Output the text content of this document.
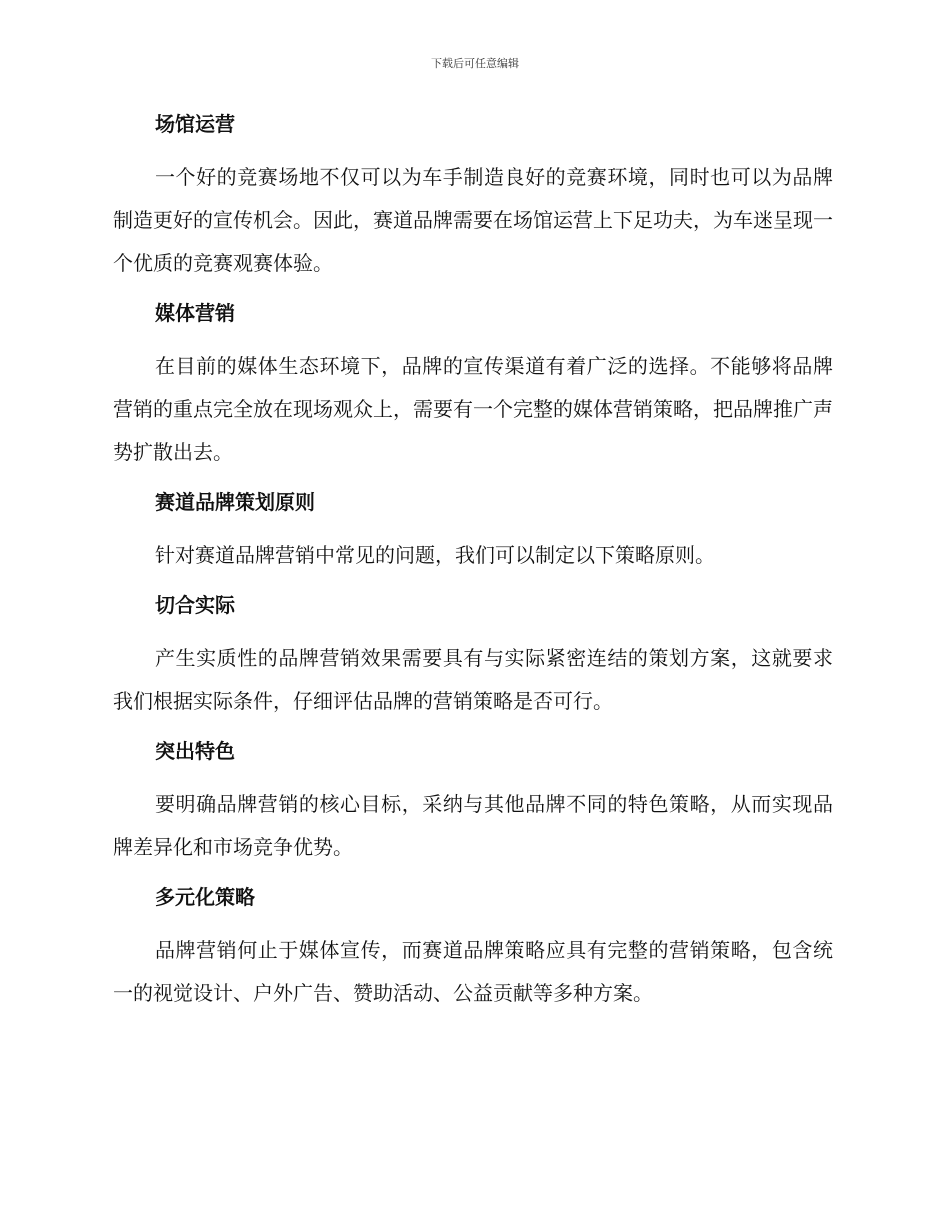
下载后可任意编辑
场馆运营

一个好的竞赛场地不仅可以为车手制造良好的竞赛环境，同时也可以为品牌制造更好的宣传机会。因此，赛道品牌需要在场馆运营上下足功夫，为车迷呈现一个优质的竞赛观赛体验。

媒体营销

在目前的媒体生态环境下，品牌的宣传渠道有着广泛的选择。不能够将品牌营销的重点完全放在现场观众上，需要有一个完整的媒体营销策略，把品牌推广声势扩散出去。

赛道品牌策划原则

针对赛道品牌营销中常见的问题，我们可以制定以下策略原则。

切合实际

产生实质性的品牌营销效果需要具有与实际紧密连结的策划方案，这就要求我们根据实际条件，仔细评估品牌的营销策略是否可行。

突出特色

要明确品牌营销的核心目标，采纳与其他品牌不同的特色策略，从而实现品牌差异化和市场竞争优势。

多元化策略

品牌营销何止于媒体宣传，而赛道品牌策略应具有完整的营销策略，包含统一的视觉设计、户外广告、赞助活动、公益贡献等多种方案。
